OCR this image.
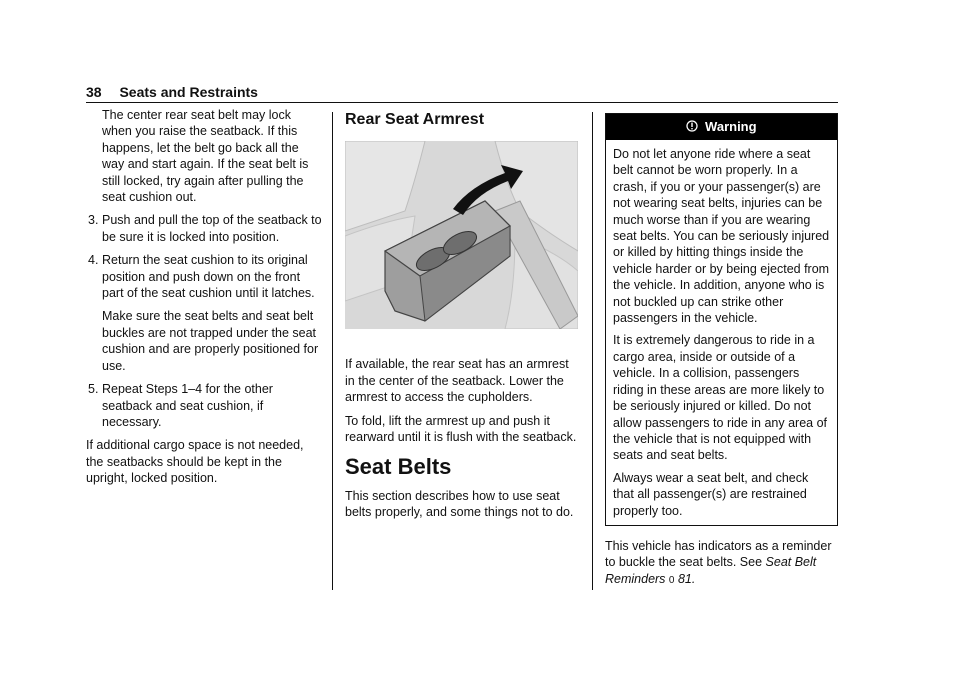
38 Seats and Restraints

The center rear seat belt may lock when you raise the seatback. If this happens, let the belt go back all the way and start again. If the seat belt is still locked, try again after pulling the seat cushion out.

3. Push and pull the top of the seatback to be sure it is locked into position.
4. Return the seat cushion to its original position and push down on the front part of the seat cushion until it latches.

Make sure the seat belts and seat belt buckles are not trapped under the seat cushion and are properly positioned for use.

5. Repeat Steps 1–4 for the other seatback and seat cushion, if necessary.

If additional cargo space is not needed, the seatbacks should be kept in the upright, locked position.

Rear Seat Armrest

If available, the rear seat has an armrest in the center of the seatback. Lower the armrest to access the cupholders.

To fold, lift the armrest up and push it rearward until it is flush with the seatback.

Seat Belts

This section describes how to use seat belts properly, and some things not to do.

Warning

Do not let anyone ride where a seat belt cannot be worn properly. In a crash, if you or your passenger(s) are not wearing seat belts, injuries can be much worse than if you are wearing seat belts. You can be seriously injured or killed by hitting things inside the vehicle harder or by being ejected from the vehicle. In addition, anyone who is not buckled up can strike other passengers in the vehicle.

It is extremely dangerous to ride in a cargo area, inside or outside of a vehicle. In a collision, passengers riding in these areas are more likely to be seriously injured or killed. Do not allow passengers to ride in any area of the vehicle that is not equipped with seats and seat belts.

Always wear a seat belt, and check that all passenger(s) are restrained properly too.

This vehicle has indicators as a reminder to buckle the seat belts. See Seat Belt Reminders 0 81.
